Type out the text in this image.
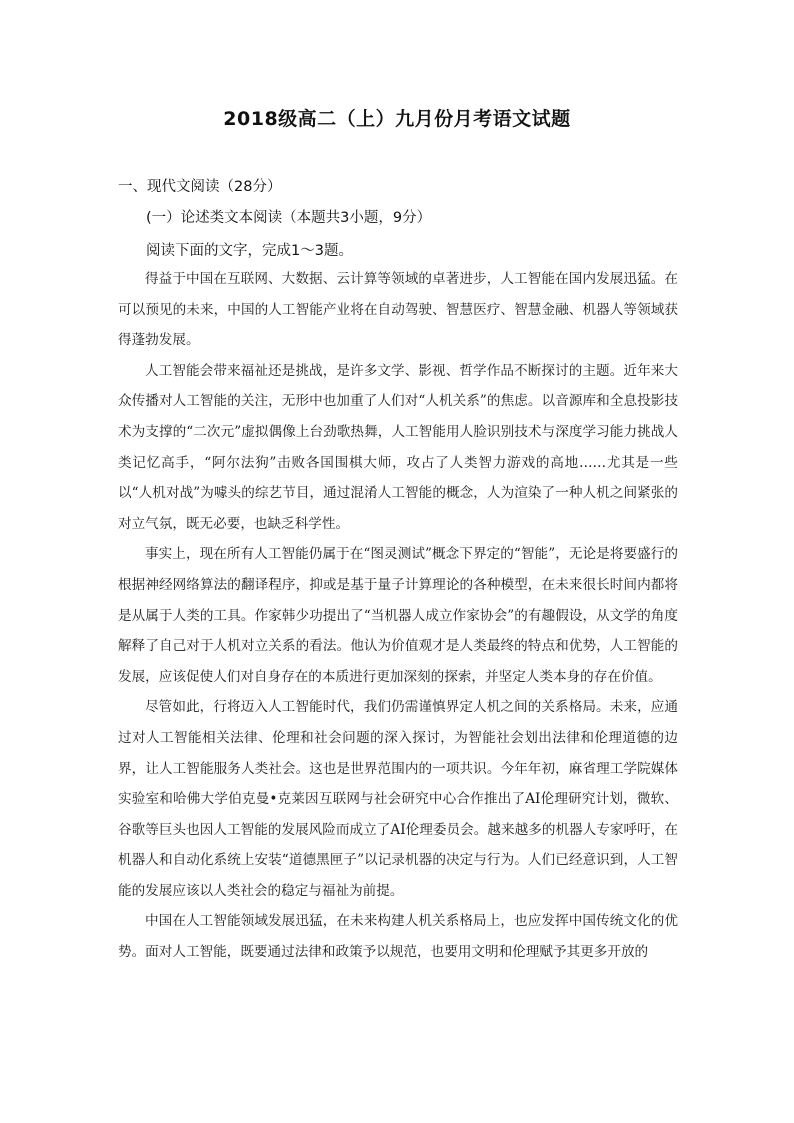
2018级高二（上）九月份月考语文试题
一、现代文阅读（28分）
(一）论述类文本阅读（本题共3小题，9分）
阅读下面的文字，完成1～3题。

得益于中国在互联网、大数据、云计算等领域的卓著进步，人工智能在国内发展迅猛。在可以预见的未来，中国的人工智能产业将在自动驾驶、智慧医疗、智慧金融、机器人等领域获得蓬勃发展。

人工智能会带来福祉还是挑战，是许多文学、影视、哲学作品不断探讨的主题。近年来大众传播对人工智能的关注，无形中也加重了人们对“人机关系”的焦虑。以音源库和全息投影技术为支撑的“二次元”虚拟偶像上台劲歌热舞，人工智能用人脸识别技术与深度学习能力挑战人类记忆高手，“阿尔法狗”击败各国围棋大师，攻占了人类智力游戏的高地……尤其是一些以“人机对战”为噱头的综艺节目，通过混淆人工智能的概念，人为渲染了一种人机之间紧张的对立气氛，既无必要，也缺乏科学性。

事实上，现在所有人工智能仍属于在“图灵测试”概念下界定的“智能”，无论是将要盛行的根据神经网络算法的翻译程序，抑或是基于量子计算理论的各种模型，在未来很长时间内都将是从属于人类的工具。作家韩少功提出了“当机器人成立作家协会”的有趣假设，从文学的角度解释了自己对于人机对立关系的看法。他认为价值观才是人类最终的特点和优势，人工智能的发展，应该促使人们对自身存在的本质进行更加深刻的探索，并坚定人类本身的存在价值。

尽管如此，行将迈入人工智能时代，我们仍需谨慎界定人机之间的关系格局。未来，应通过对人工智能相关法律、伦理和社会问题的深入探讨，为智能社会划出法律和伦理道德的边界，让人工智能服务人类社会。这也是世界范围内的一项共识。今年年初，麻省理工学院媒体实验室和哈佛大学伯克曼•克莱因互联网与社会研究中心合作推出了AI伦理研究计划，微软、谷歌等巨头也因人工智能的发展风险而成立了AI伦理委员会。越来越多的机器人专家呼吁，在机器人和自动化系统上安装“道德黑匣子”以记录机器的决定与行为。人们已经意识到，人工智能的发展应该以人类社会的稳定与福祉为前提。

中国在人工智能领域发展迅猛，在未来构建人机关系格局上，也应发挥中国传统文化的优势。面对人工智能，既要通过法律和政策予以规范，也要用文明和伦理赋予其更多开放的
